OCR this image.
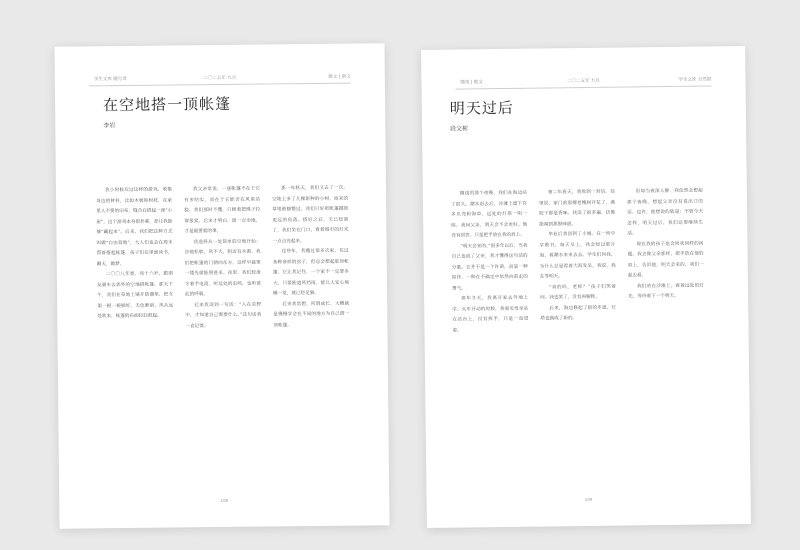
学生文库 随写录	二〇二五年 九月	散文 | 新文
在空地搭一顶帐篷
李岩

我小时候玩过这样的游戏，收集身边的材料，比如木板和树枝，在家里人不要的旧布，缝合后搭起一座“小屋”。这个游戏本身很朴素，却让我能够“藏起来”。后来，我们把这种方式叫做“自由营地”，大人们也会在周末帮着搭起帐篷，孩子们在里面读书，聊天，做梦。

二〇〇八年夏，我十六岁，跟朋友骑车去郊外的空地搭帐篷。那天下午，我们在草地上铺开防潮垫，把支架一根一根插好。天色渐暗，风从远处吹来，帐篷的布面轻轻鼓起。

我父亲常说，一座帐篷不在于它有多结实，而在于它能否在风里站稳。我们那时不懂，只顾着把绳子拉得很紧。后来才明白，留一点余地，才是最要紧的事。

我选择从一处简单的空地开始：沙地松软，风不大，附近有水源。我们把帐篷的门朝向东方，这样早晨第一缕光就能照进来。夜里，我们轮流守着手电筒，听远处的虫鸣，也听彼此的呼吸。

后来我读到一句话：“人在荒野中，才知道自己需要什么。”这句话我一直记得。

那一年秋天，我们又去了一次。空地上多了几棵新种的小树，原来的草地被修整过，我们只好把帐篷挪到更远的角落。搭好之后，天已经黑了，我们坐在门口，看着城市的灯光一点点亮起来。

这些年，我搬过很多次家，住过各种各样的房子，但总会想起那顶帐篷。它让我记住，一个家不一定要多大，只要能遮风挡雨，能让人安心地睡一觉，就已经足够。

后来我常想，所谓成长，大概就是慢慢学会在不同的地方为自己搭一顶帐篷。

108
随笔 | 散文	二〇二五年 九月	学生文库 自然报
明天过后
段文彬

搁浅的那个夜晚，我们在海边站了很久。潮水退去后，沙滩上留下许多贝壳和海草，远处的灯塔一明一暗。我问父亲，明天会不会更好。他没有回答，只是把手放在我的肩上。

“明天会来的。”很多年以后，当我自己也成了父亲，我才懂得这句话的分量。它并不是一个许诺，而是一种陪伴，一种在不确定中依然向前走的勇气。

那年冬天，我离开家去外地上学。火车开动的时候，我看见母亲站在站台上，没有挥手，只是一直望着。

第二年春天，我收到一封信。信里说，家门前那棵老槐树开花了，满院子都是香味。我读了很多遍，仿佛能闻到那股味道。

毕业后我回到了小城，在一所中学教书。每天早上，我会经过那片海，看潮水来来去去。学生们问我，为什么总是看着大海发呆。我说，我在等明天。

“真的吗，老师？”孩子们笑着问。我也笑了，没有再解释。

后来，海边修起了新的步道，灯塔也换成了新的。

但每当夜深人静，我依然会想起那个夜晚，想起父亲没有说出口的话。也许，他想说的就是：不管今天怎样，明天过后，我们还要继续生活。

现在我的孩子也会问我同样的问题。我会像父亲那样，把手放在他的肩上，告诉他，明天会来的，我们一起去看。

我们站在沙滩上，看着远处的灯光，等待着下一个明天。

109
